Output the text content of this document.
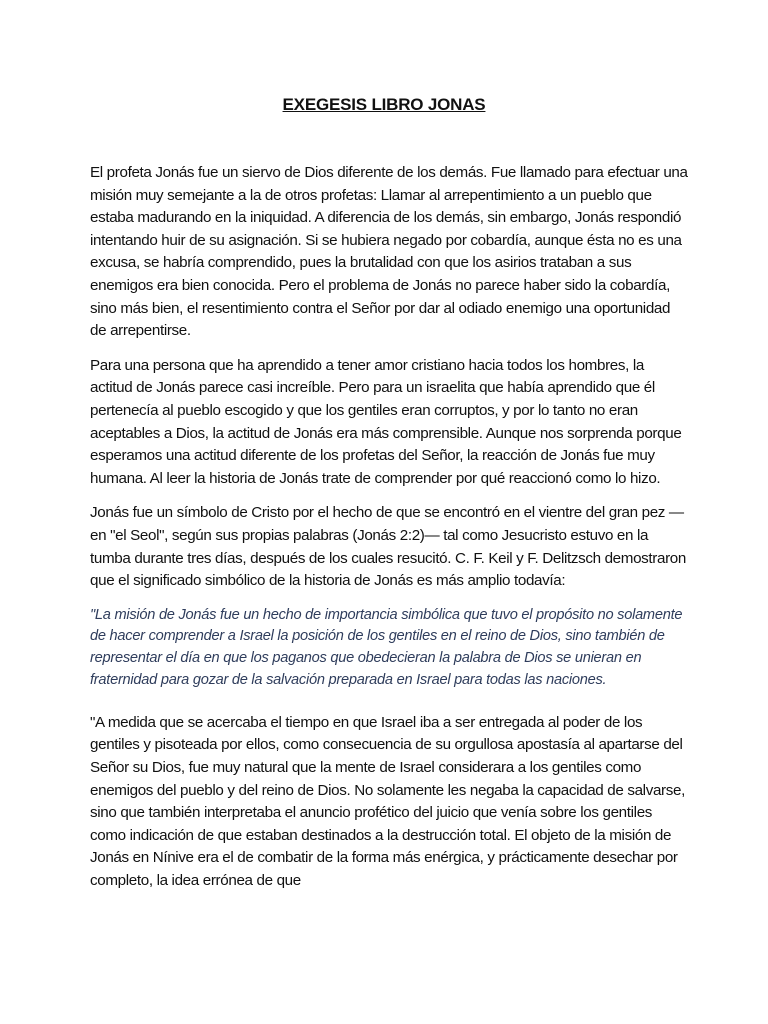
EXEGESIS LIBRO JONAS

El profeta Jonás fue un siervo de Dios diferente de los demás. Fue llamado para efectuar una misión muy semejante a la de otros profetas: Llamar al arrepentimiento a un pueblo que estaba madurando en la iniquidad. A diferencia de los demás, sin embargo, Jonás respondió intentando huir de su asignación. Si se hubiera negado por cobardía, aunque ésta no es una excusa, se habría comprendido, pues la brutalidad con que los asirios trataban a sus enemigos era bien conocida. Pero el problema de Jonás no parece haber sido la cobardía, sino más bien, el resentimiento contra el Señor por dar al odiado enemigo una oportunidad de arrepentirse.

Para una persona que ha aprendido a tener amor cristiano hacia todos los hombres, la actitud de Jonás parece casi increíble. Pero para un israelita que había aprendido que él pertenecía al pueblo escogido y que los gentiles eran corruptos, y por lo tanto no eran aceptables a Dios, la actitud de Jonás era más comprensible. Aunque nos sorprenda porque esperamos una actitud diferente de los profetas del Señor, la reacción de Jonás fue muy humana. Al leer la historia de Jonás trate de comprender por qué reaccionó como lo hizo.

Jonás fue un símbolo de Cristo por el hecho de que se encontró en el vientre del gran pez —en "el Seol", según sus propias palabras (Jonás 2:2)— tal como Jesucristo estuvo en la tumba durante tres días, después de los cuales resucitó. C. F. Keil y F. Delitzsch demostraron que el significado simbólico de la historia de Jonás es más amplio todavía:

"La misión de Jonás fue un hecho de importancia simbólica que tuvo el propósito no solamente de hacer comprender a Israel la posición de los gentiles en el reino de Dios, sino también de representar el día en que los paganos que obedecieran la palabra de Dios se unieran en fraternidad para gozar de la salvación preparada en Israel para todas las naciones.

"A medida que se acercaba el tiempo en que Israel iba a ser entregada al poder de los gentiles y pisoteada por ellos, como consecuencia de su orgullosa apostasía al apartarse del Señor su Dios, fue muy natural que la mente de Israel considerara a los gentiles como enemigos del pueblo y del reino de Dios. No solamente les negaba la capacidad de salvarse, sino que también interpretaba el anuncio profético del juicio que venía sobre los gentiles como indicación de que estaban destinados a la destrucción total. El objeto de la misión de Jonás en Nínive era el de combatir de la forma más enérgica, y prácticamente desechar por completo, la idea errónea de que
